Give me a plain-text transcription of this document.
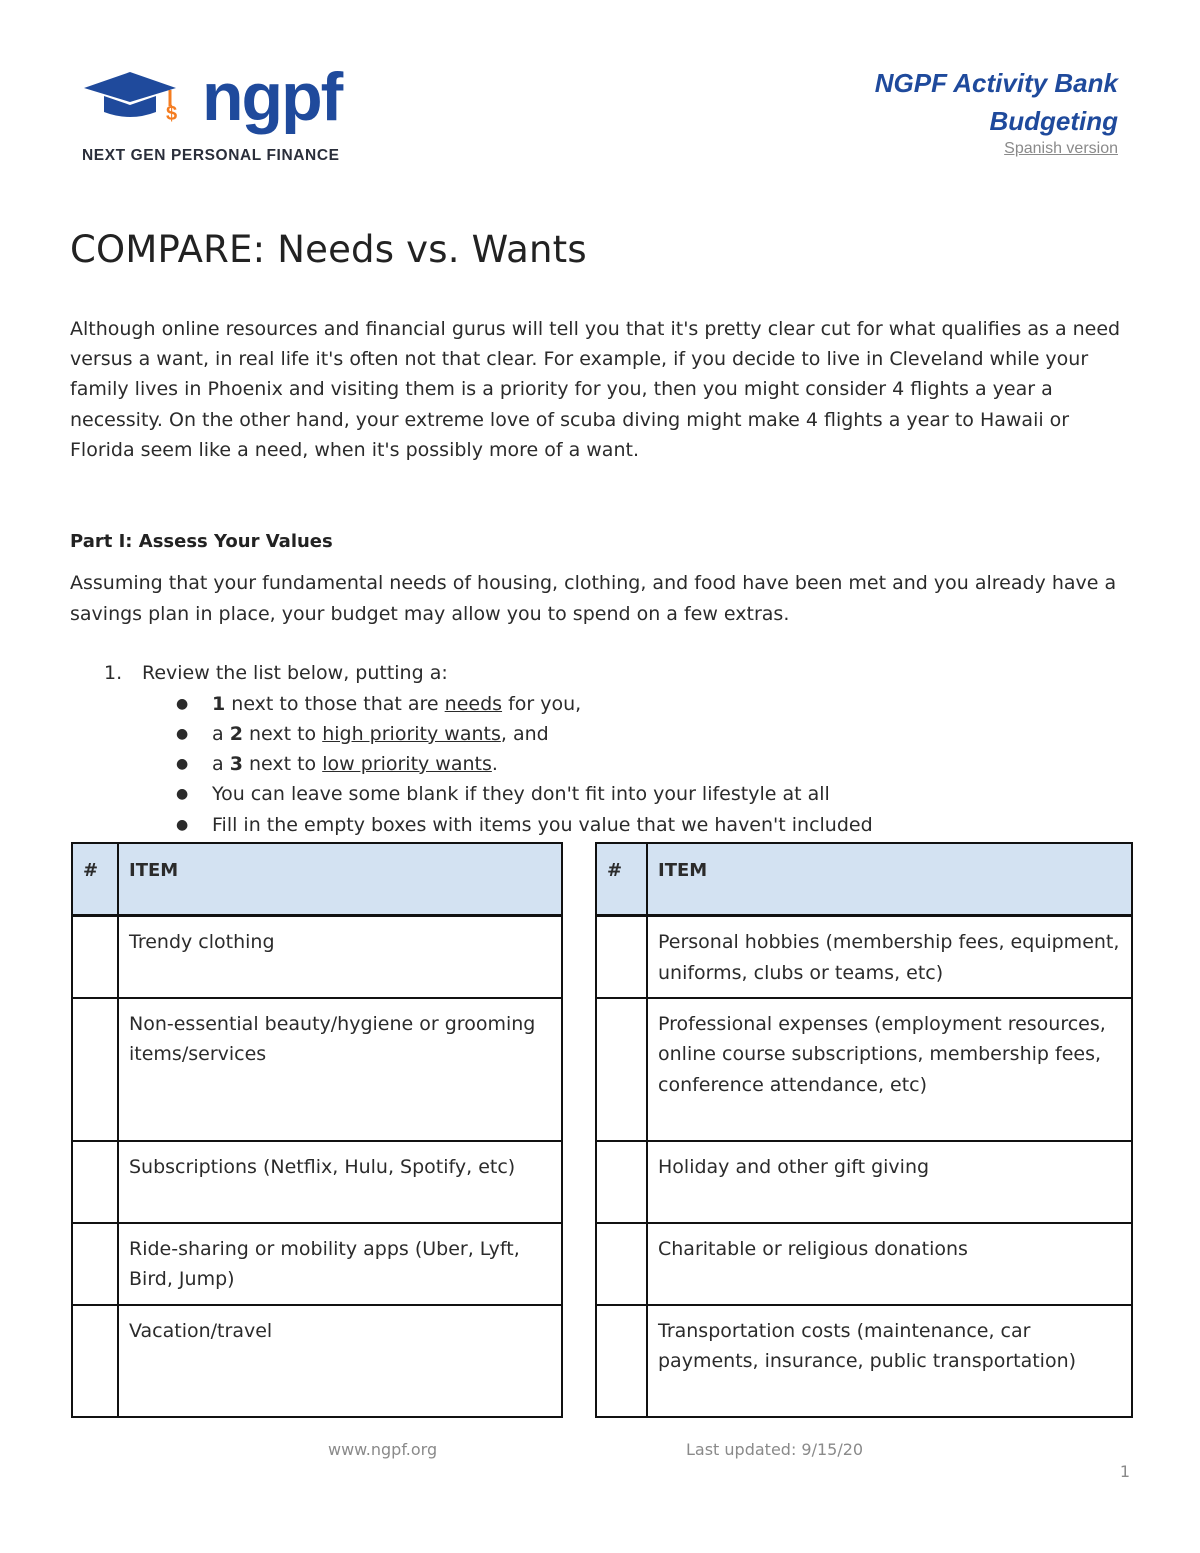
$ ngpf
NEXT GEN PERSONAL FINANCE
NGPF Activity Bank
Budgeting
Spanish version
COMPARE: Needs vs. Wants

Although online resources and financial gurus will tell you that it's pretty clear cut for what qualifies as a need versus a want, in real life it's often not that clear. For example, if you decide to live in Cleveland while your family lives in Phoenix and visiting them is a priority for you, then you might consider 4 flights a year a necessity. On the other hand, your extreme love of scuba diving might make 4 flights a year to Hawaii or Florida seem like a need, when it's possibly more of a want.

Part I: Assess Your Values

Assuming that your fundamental needs of housing, clothing, and food have been met and you already have a savings plan in place, your budget may allow you to spend on a few extras.

1. Review the list below, putting a:
● 1 next to those that are needs for you,
● a 2 next to high priority wants, and
● a 3 next to low priority wants.
● You can leave some blank if they don't fit into your lifestyle at all
● Fill in the empty boxes with items you value that we haven't included
#	ITEM
	Trendy clothing
	Non-essential beauty/hygiene or grooming items/services
	Subscriptions (Netflix, Hulu, Spotify, etc)
	Ride-sharing or mobility apps (Uber, Lyft, Bird, Jump)
	Vacation/travel
#	ITEM
	Personal hobbies (membership fees, equipment, uniforms, clubs or teams, etc)
	Professional expenses (employment resources, online course subscriptions, membership fees, conference attendance, etc)
	Holiday and other gift giving
	Charitable or religious donations
	Transportation costs (maintenance, car payments, insurance, public transportation)
www.ngpf.org	Last updated: 9/15/20
1
